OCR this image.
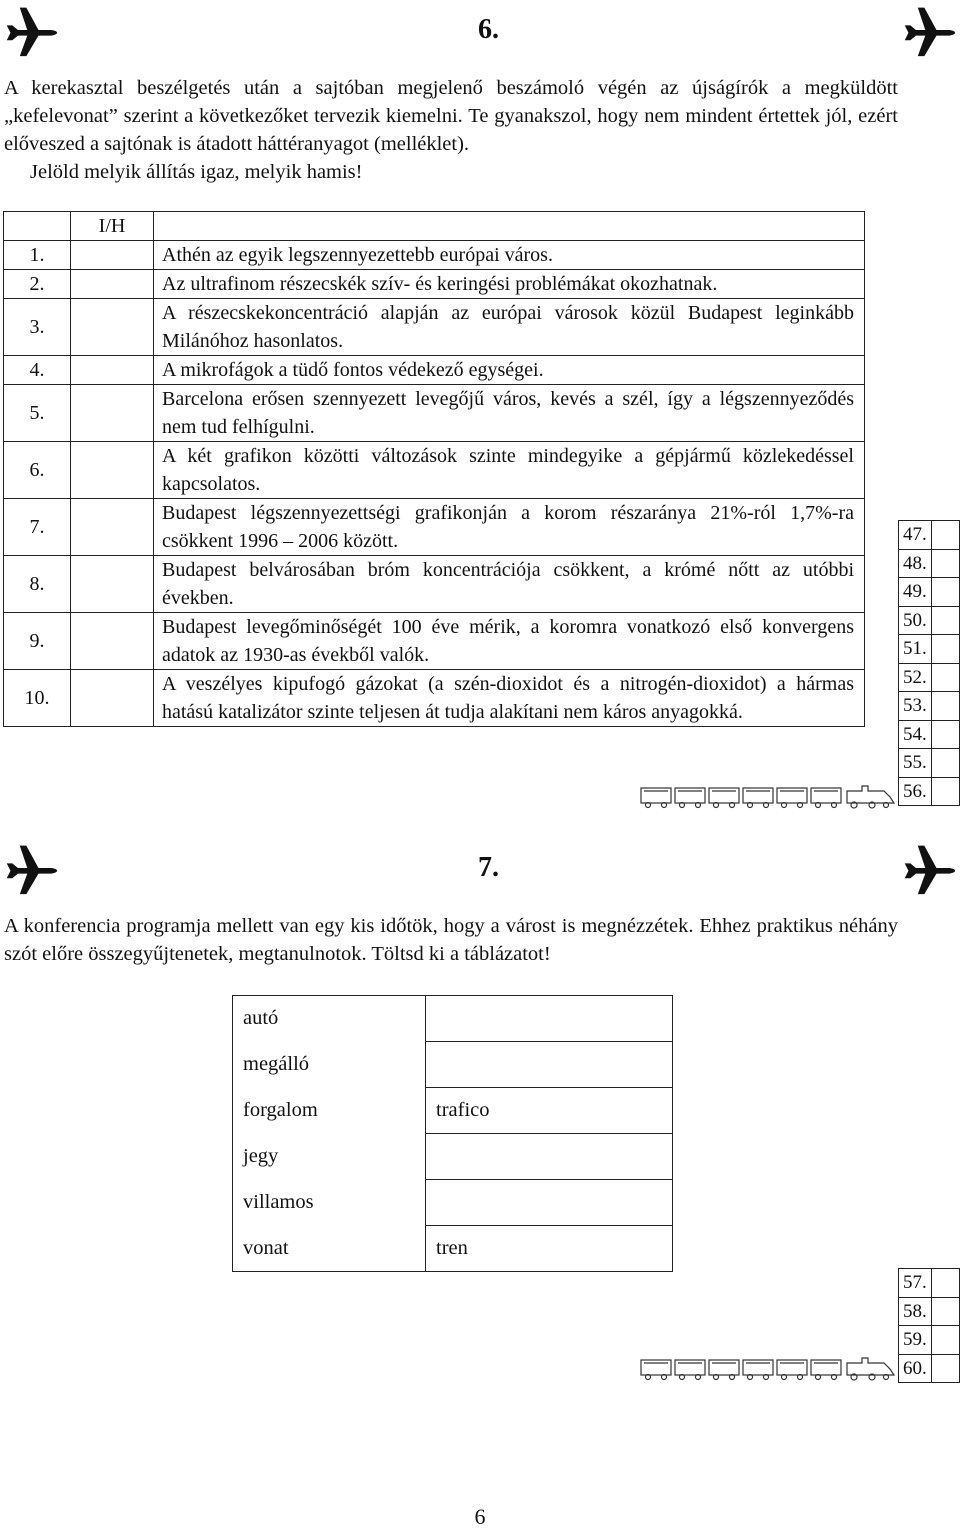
6.

A kerekasztal beszélgetés után a sajtóban megjelenő beszámoló végén az újságírók a megküldött „kefelevonat” szerint a következőket tervezik kiemelni. Te gyanakszol, hogy nem mindent értettek jól, ezért előveszed a sajtónak is átadott háttéranyagot (melléklet).

Jelöld melyik állítás igaz, melyik hamis!

	I/H	
1.		Athén az egyik legszennyezettebb európai város.
2.		Az ultrafinom részecskék szív- és keringési problémákat okozhatnak.
3.		A részecskekoncentráció alapján az európai városok közül Budapest leginkább Milánóhoz hasonlatos.
4.		A mikrofágok a tüdő fontos védekező egységei.
5.		Barcelona erősen szennyezett levegőjű város, kevés a szél, így a légszennyeződés nem tud felhígulni.
6.		A két grafikon közötti változások szinte mindegyike a gépjármű közlekedéssel kapcsolatos.
7.		Budapest légszennyezettségi grafikonján a korom részaránya 21%-ról 1,7%-ra csökkent 1996 – 2006 között.
8.		Budapest belvárosában bróm koncentrációja csökkent, a krómé nőtt az utóbbi években.
9.		Budapest levegőminőségét 100 éve mérik, a koromra vonatkozó első konvergens adatok az 1930-as évekből valók.
10.		A veszélyes kipufogó gázokat (a szén-dioxidot és a nitrogén-dioxidot) a hármas hatású katalizátor szinte teljesen át tudja alakítani nem káros anyagokká.
47.	
48.	
49.	
50.	
51.	
52.	
53.	
54.	
55.	
56.	
7.

A konferencia programja mellett van egy kis időtök, hogy a várost is megnézzétek. Ehhez praktikus néhány szót előre összegyűjtenetek, megtanulnotok. Töltsd ki a táblázatot!

autó	
megálló	
forgalom	trafico
jegy	
villamos	
vonat	tren
57.	
58.	
59.	
60.	
6
